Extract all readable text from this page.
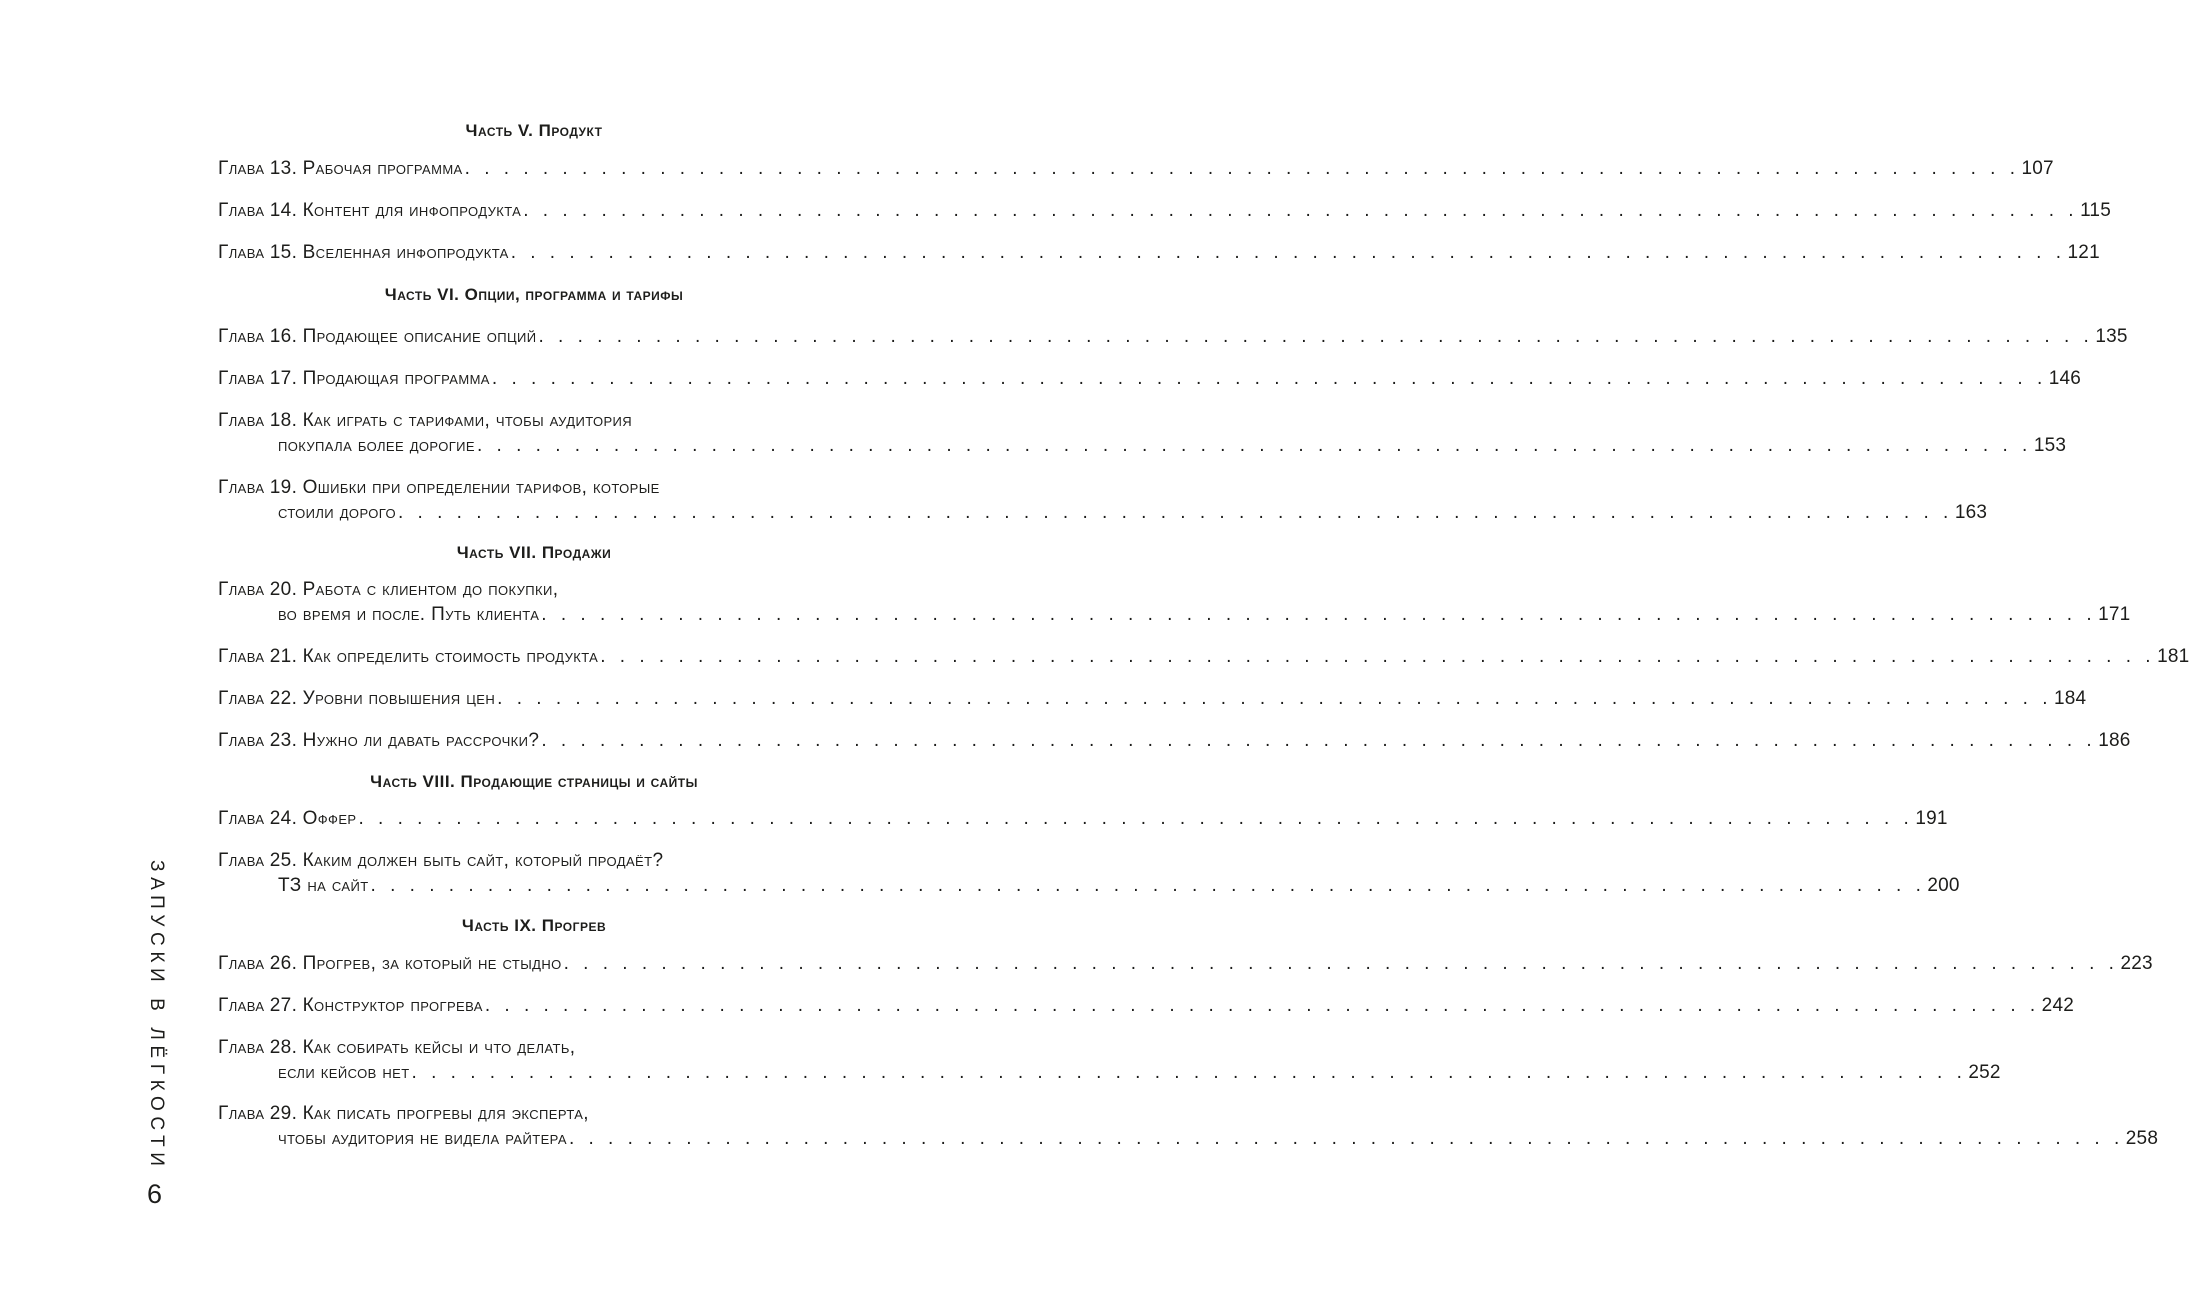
Часть V. Продукт
Глава
13.
Рабочая программа . . . . . . . . . . . . . . . . . . . . . . . . . . . . . . . . . . . . . . . . . . . . . . . . . . . . . . . . . . . . . . . . . . . . . . . . . . . . . . . . 107
Глава
14.
Контент для инфопродукта . . . . . . . . . . . . . . . . . . . . . . . . . . . . . . . . . . . . . . . . . . . . . . . . . . . . . . . . . . . . . . . . . . . . . . . . . . . . . . . . 115
Глава
15.
Вселенная инфопродукта . . . . . . . . . . . . . . . . . . . . . . . . . . . . . . . . . . . . . . . . . . . . . . . . . . . . . . . . . . . . . . . . . . . . . . . . . . . . . . . . 121
Часть VI. Опции, программа и тарифы
Глава
16.
Продающее описание опций . . . . . . . . . . . . . . . . . . . . . . . . . . . . . . . . . . . . . . . . . . . . . . . . . . . . . . . . . . . . . . . . . . . . . . . . . . . . . . . . 135
Глава
17.
Продающая программа . . . . . . . . . . . . . . . . . . . . . . . . . . . . . . . . . . . . . . . . . . . . . . . . . . . . . . . . . . . . . . . . . . . . . . . . . . . . . . . . 146
Глава
18.
Как играть с тарифами, чтобы аудитория
покупала более дорогие . . . . . . . . . . . . . . . . . . . . . . . . . . . . . . . . . . . . . . . . . . . . . . . . . . . . . . . . . . . . . . . . . . . . . . . . . . . . . . . . 153
Глава
19.
Ошибки при определении тарифов, которые
стоили дорого . . . . . . . . . . . . . . . . . . . . . . . . . . . . . . . . . . . . . . . . . . . . . . . . . . . . . . . . . . . . . . . . . . . . . . . . . . . . . . . . 163
Часть VII. Продажи
Глава
20.
Работа с клиентом до покупки,
во время и после. Путь клиента . . . . . . . . . . . . . . . . . . . . . . . . . . . . . . . . . . . . . . . . . . . . . . . . . . . . . . . . . . . . . . . . . . . . . . . . . . . . . . . . 171
Глава
21.
Как определить стоимость продукта . . . . . . . . . . . . . . . . . . . . . . . . . . . . . . . . . . . . . . . . . . . . . . . . . . . . . . . . . . . . . . . . . . . . . . . . . . . . . . . . 181
Глава
22.
Уровни повышения цен . . . . . . . . . . . . . . . . . . . . . . . . . . . . . . . . . . . . . . . . . . . . . . . . . . . . . . . . . . . . . . . . . . . . . . . . . . . . . . . . 184
Глава
23.
Нужно ли давать рассрочки? . . . . . . . . . . . . . . . . . . . . . . . . . . . . . . . . . . . . . . . . . . . . . . . . . . . . . . . . . . . . . . . . . . . . . . . . . . . . . . . . 186
Часть VIII. Продающие страницы и сайты
Глава
24.
Оффер . . . . . . . . . . . . . . . . . . . . . . . . . . . . . . . . . . . . . . . . . . . . . . . . . . . . . . . . . . . . . . . . . . . . . . . . . . . . . . . . 191
Глава
25.
Каким должен быть сайт, который продаёт?
ТЗ на сайт . . . . . . . . . . . . . . . . . . . . . . . . . . . . . . . . . . . . . . . . . . . . . . . . . . . . . . . . . . . . . . . . . . . . . . . . . . . . . . . . 200
Часть IX. Прогрев
Глава
26.
Прогрев, за который не стыдно . . . . . . . . . . . . . . . . . . . . . . . . . . . . . . . . . . . . . . . . . . . . . . . . . . . . . . . . . . . . . . . . . . . . . . . . . . . . . . . . 223
Глава
27.
Конструктор прогрева . . . . . . . . . . . . . . . . . . . . . . . . . . . . . . . . . . . . . . . . . . . . . . . . . . . . . . . . . . . . . . . . . . . . . . . . . . . . . . . . 242
Глава
28.
Как собирать кейсы и что делать,
если кейсов нет . . . . . . . . . . . . . . . . . . . . . . . . . . . . . . . . . . . . . . . . . . . . . . . . . . . . . . . . . . . . . . . . . . . . . . . . . . . . . . . . 252
Глава
29.
Как писать прогревы для эксперта,
чтобы аудитория не видела райтера . . . . . . . . . . . . . . . . . . . . . . . . . . . . . . . . . . . . . . . . . . . . . . . . . . . . . . . . . . . . . . . . . . . . . . . . . . . . . . . . 258
ЗАПУСКИ В ЛЁГКОСТИ
6
